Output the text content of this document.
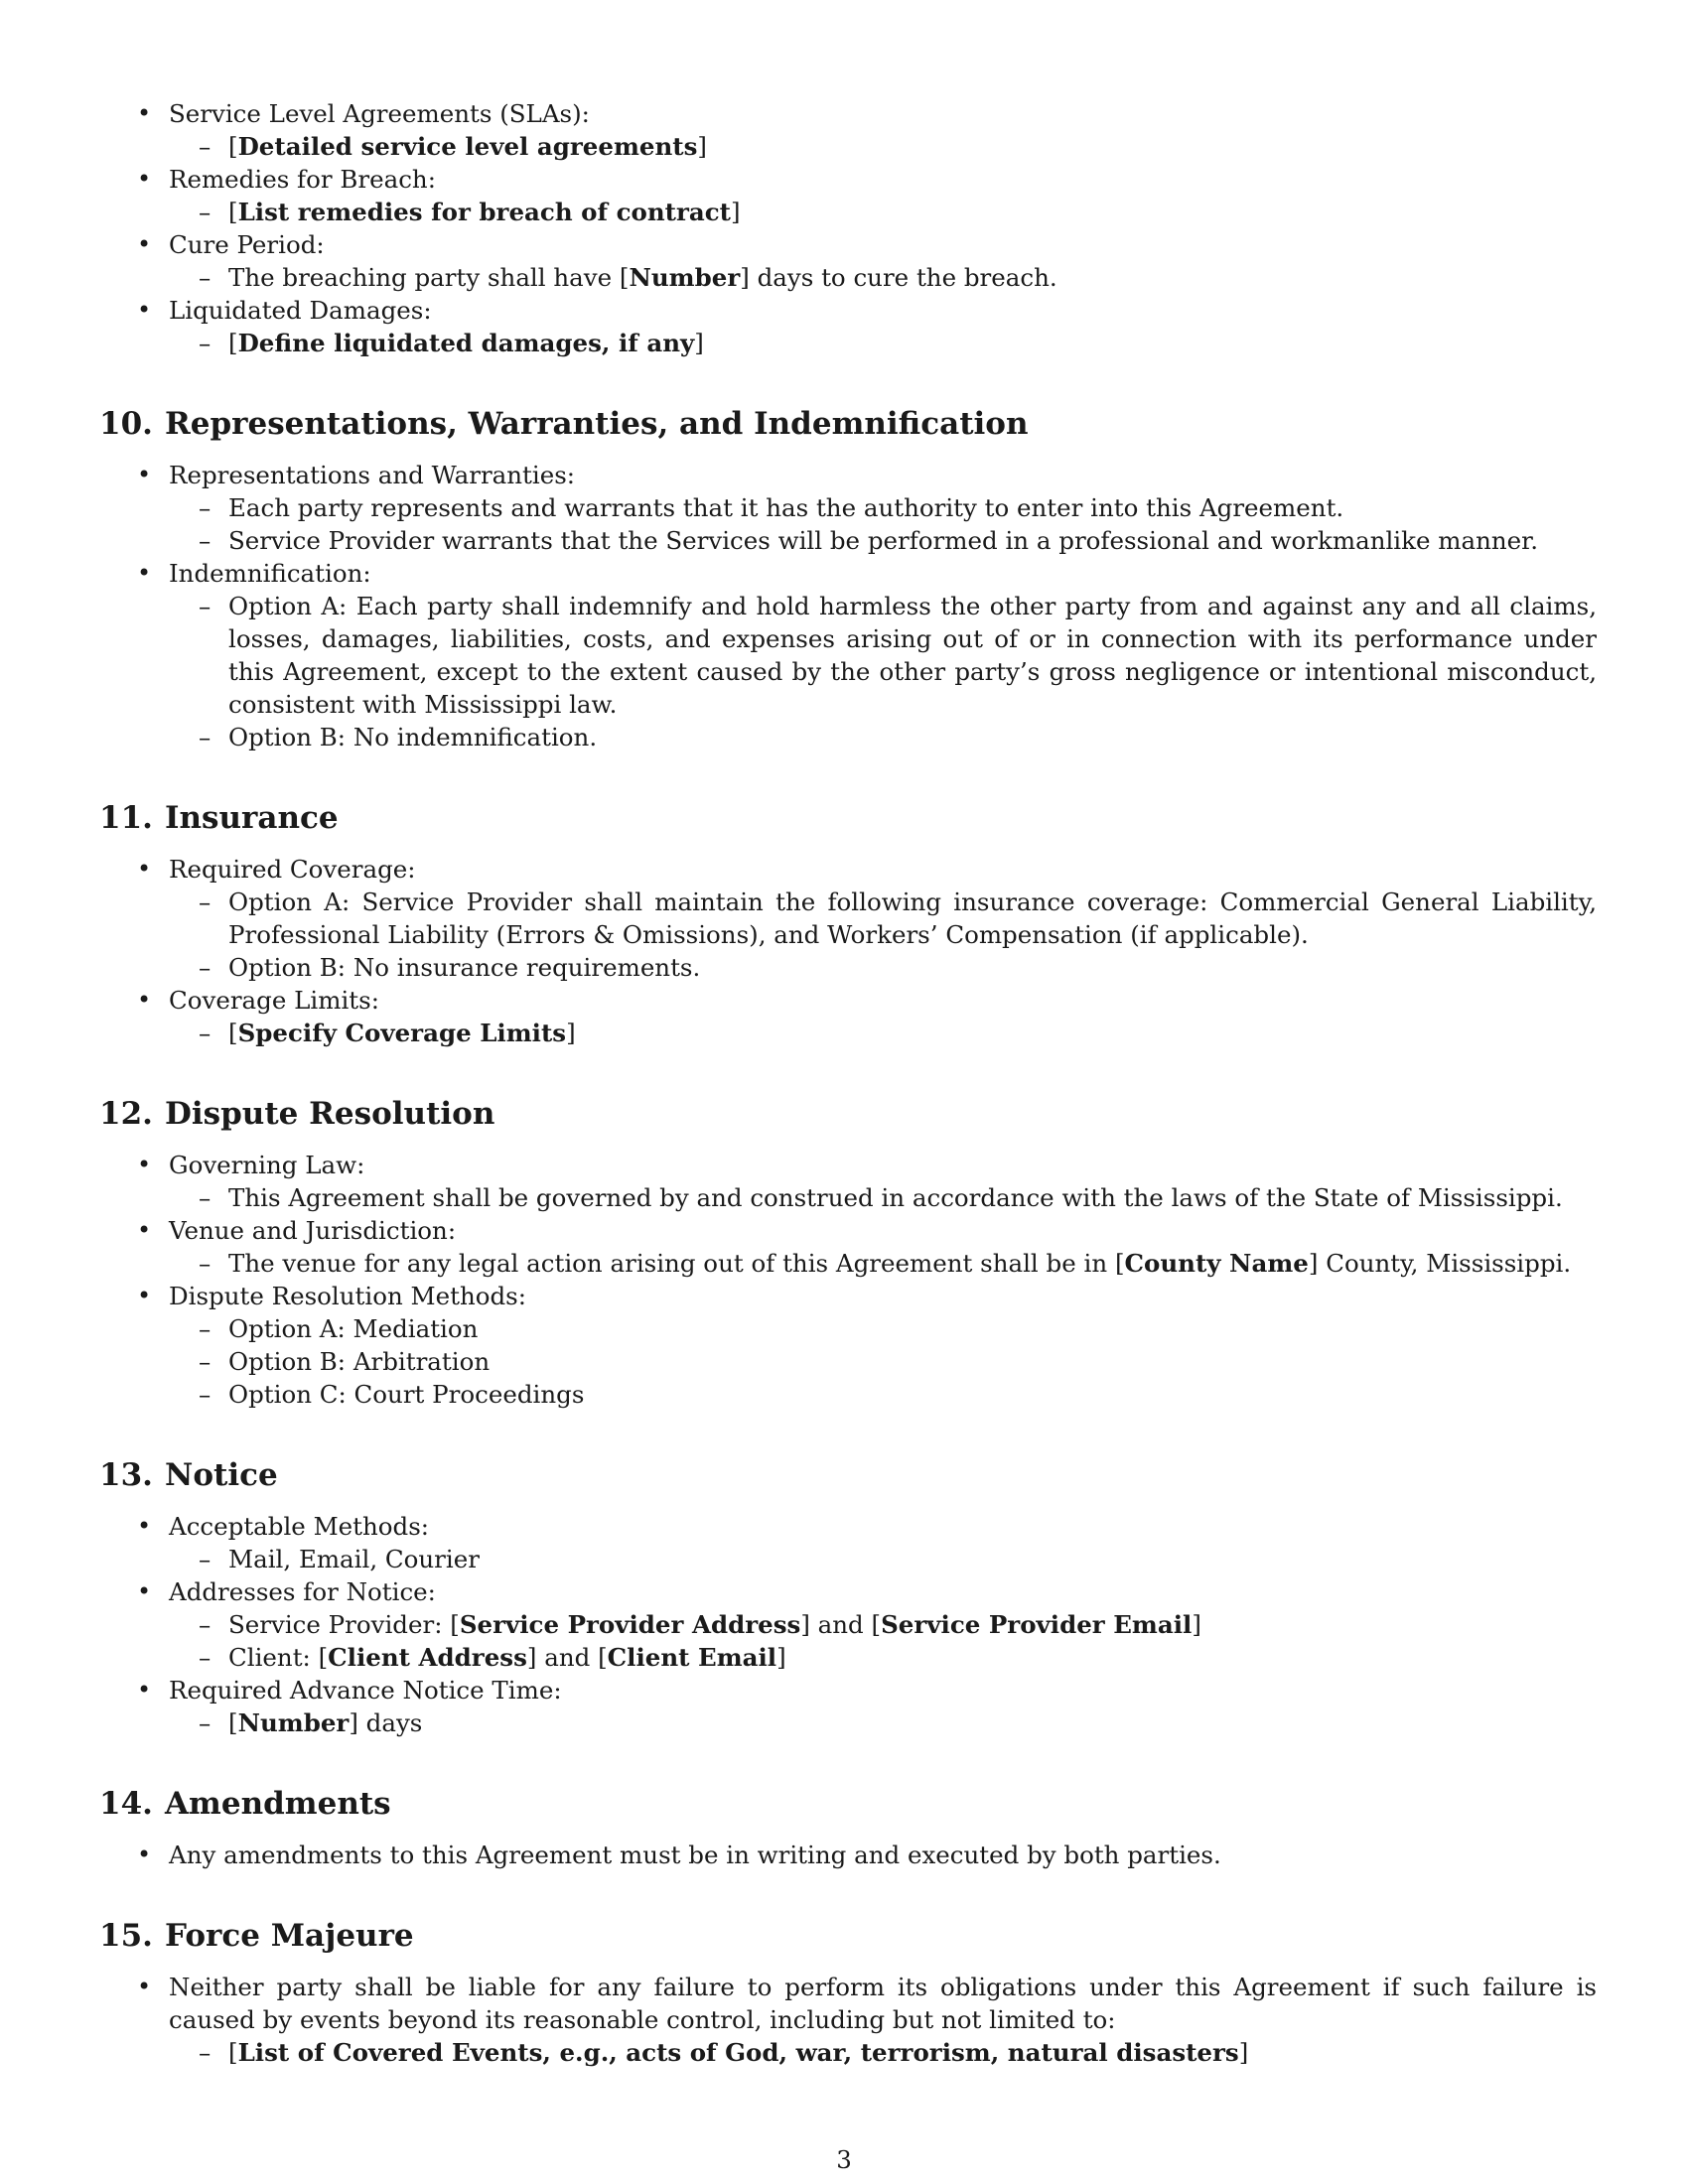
• Service Level Agreements (SLAs):
– [Detailed service level agreements]
• Remedies for Breach:
– [List remedies for breach of contract]
• Cure Period:
– The breaching party shall have [Number] days to cure the breach.
• Liquidated Damages:
– [Define liquidated damages, if any]
10. Representations, Warranties, and Indemnification
• Representations and Warranties:
– Each party represents and warrants that it has the authority to enter into this Agreement.
– Service Provider warrants that the Services will be performed in a professional and workmanlike manner.
• Indemnification:
– Option A: Each party shall indemnify and hold harmless the other party from and against any and all claims, losses, damages, liabilities, costs, and expenses arising out of or in connection with its performance under this Agreement, except to the extent caused by the other party’s gross negligence or intentional misconduct, consistent with Mississippi law.
– Option B: No indemnification.
11. Insurance
• Required Coverage:
– Option A: Service Provider shall maintain the following insurance coverage: Commercial General Liability, Professional Liability (Errors & Omissions), and Workers’ Compensation (if applicable).
– Option B: No insurance requirements.
• Coverage Limits:
– [Specify Coverage Limits]
12. Dispute Resolution
• Governing Law:
– This Agreement shall be governed by and construed in accordance with the laws of the State of Mississippi.
• Venue and Jurisdiction:
– The venue for any legal action arising out of this Agreement shall be in [County Name] County, Mississippi.
• Dispute Resolution Methods:
– Option A: Mediation
– Option B: Arbitration
– Option C: Court Proceedings
13. Notice
• Acceptable Methods:
– Mail, Email, Courier
• Addresses for Notice:
– Service Provider: [Service Provider Address] and [Service Provider Email]
– Client: [Client Address] and [Client Email]
• Required Advance Notice Time:
– [Number] days
14. Amendments
• Any amendments to this Agreement must be in writing and executed by both parties.
15. Force Majeure
• Neither party shall be liable for any failure to perform its obligations under this Agreement if such failure is caused by events beyond its reasonable control, including but not limited to:
– [List of Covered Events, e.g., acts of God, war, terrorism, natural disasters]
3
